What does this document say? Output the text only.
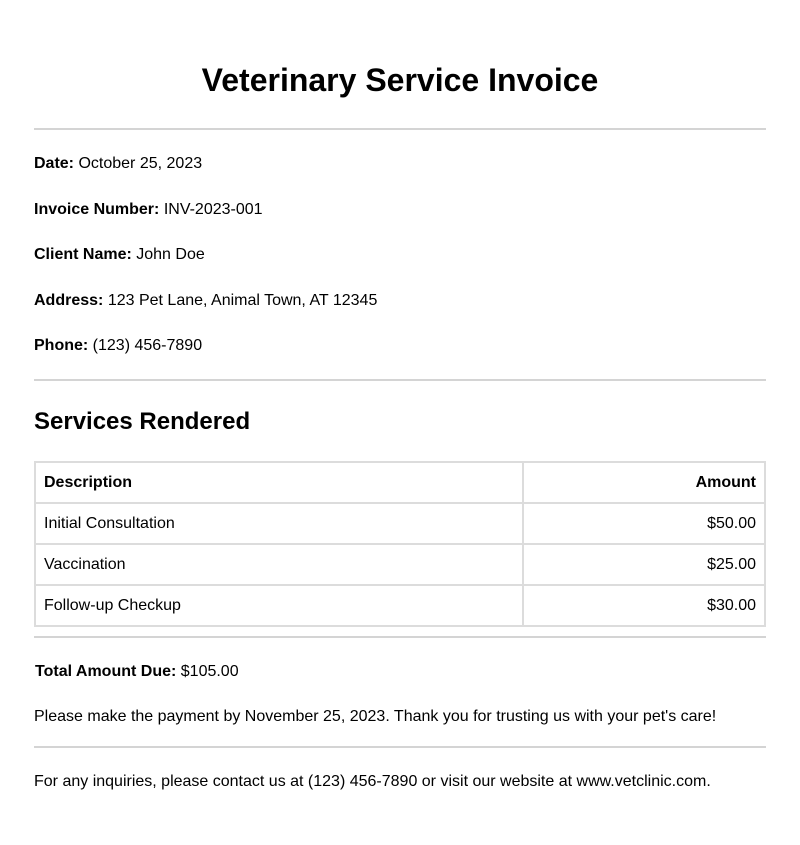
Veterinary Service Invoice

Date: October 25, 2023

Invoice Number: INV-2023-001

Client Name: John Doe

Address: 123 Pet Lane, Animal Town, AT 12345

Phone: (123) 456-7890

Services Rendered
Description	Amount
Initial Consultation	$50.00
Vaccination	$25.00
Follow-up Checkup	$30.00

Total Amount Due: $105.00

Please make the payment by November 25, 2023. Thank you for trusting us with your pet's care!

For any inquiries, please contact us at (123) 456-7890 or visit our website at www.vetclinic.com.
